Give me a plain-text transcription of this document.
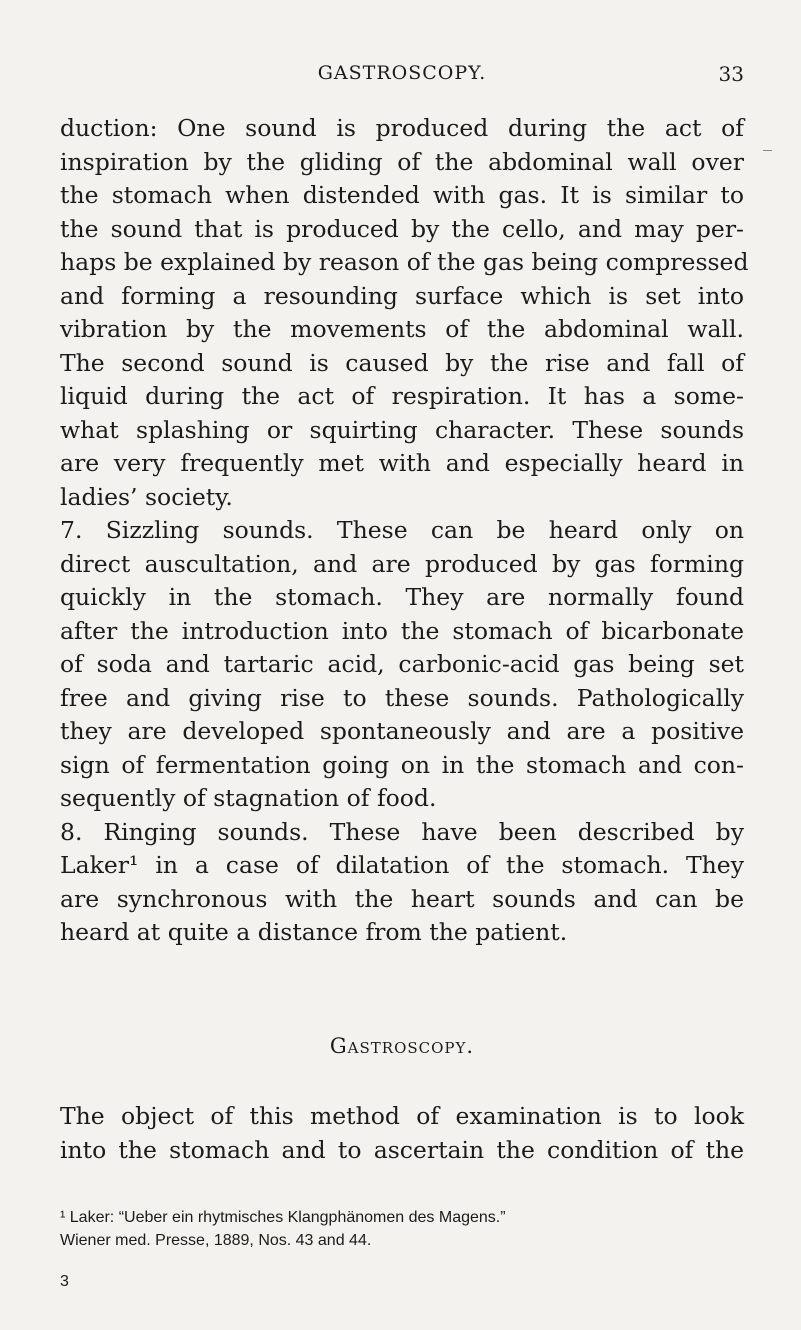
GASTROSCOPY.	33
duction: One sound is produced during the act of
inspiration by the gliding of the abdominal wall over
the stomach when distended with gas. It is similar to
the sound that is produced by the cello, and may per-
haps be explained by reason of the gas being compressed
and forming a resounding surface which is set into
vibration by the movements of the abdominal wall.
The second sound is caused by the rise and fall of
liquid during the act of respiration. It has a some-
what splashing or squirting character. These sounds
are very frequently met with and especially heard in
ladies’ society.
7. Sizzling sounds. These can be heard only on
direct auscultation, and are produced by gas forming
quickly in the stomach. They are normally found
after the introduction into the stomach of bicarbonate
of soda and tartaric acid, carbonic-acid gas being set
free and giving rise to these sounds. Pathologically
they are developed spontaneously and are a positive
sign of fermentation going on in the stomach and con-
sequently of stagnation of food.
8. Ringing sounds. These have been described by
Laker¹ in a case of dilatation of the stomach. They
are synchronous with the heart sounds and can be
heard at quite a distance from the patient.
Gastroscopy.
The object of this method of examination is to look
into the stomach and to ascertain the condition of the
¹ Laker: “Ueber ein rhytmisches Klangphänomen des Magens.”
Wiener med. Presse, 1889, Nos. 43 and 44.
3
